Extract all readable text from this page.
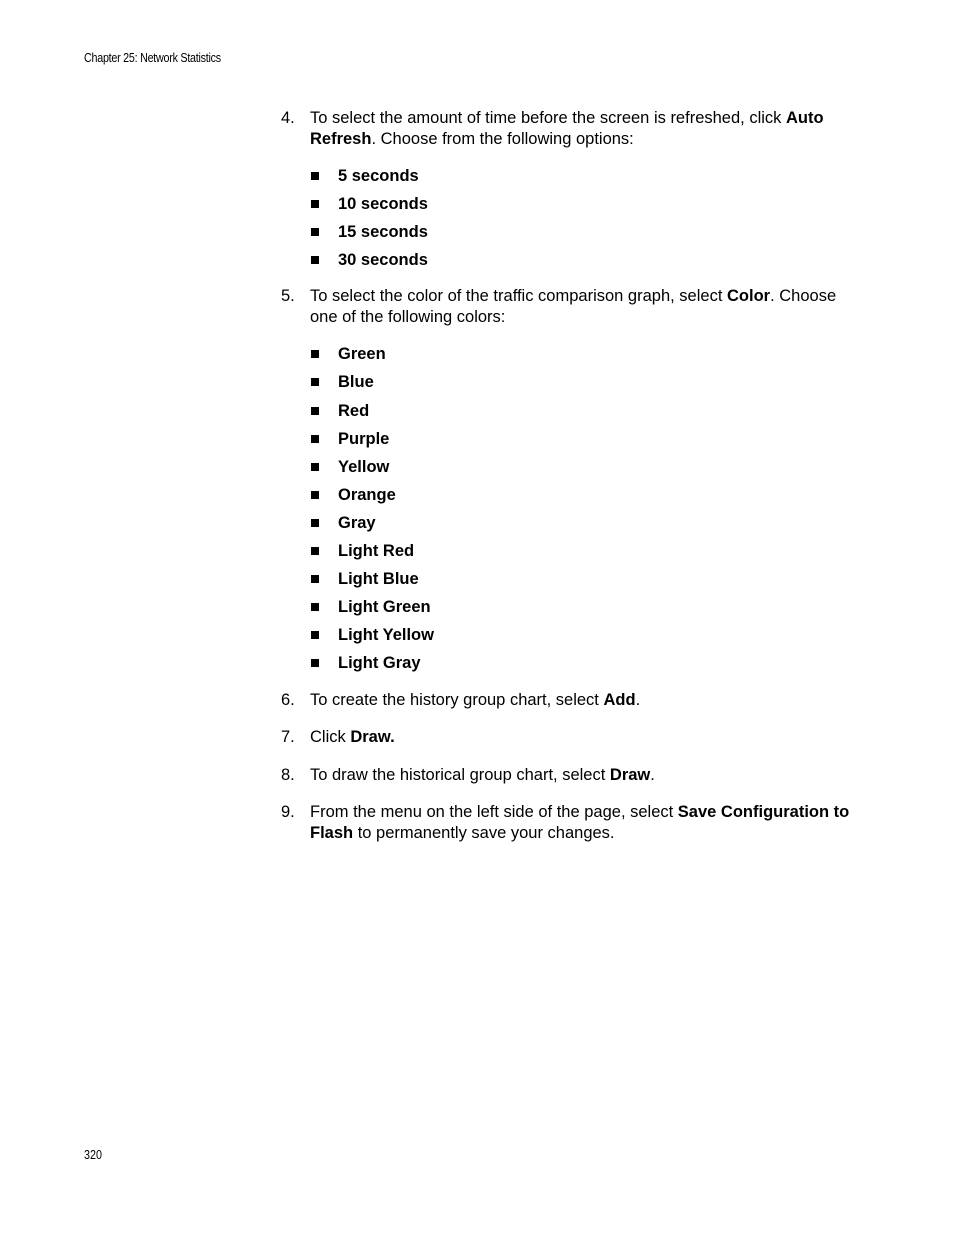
Chapter 25: Network Statistics
4. To select the amount of time before the screen is refreshed, click Auto Refresh. Choose from the following options:
5 seconds
10 seconds
15 seconds
30 seconds
5. To select the color of the traffic comparison graph, select Color. Choose one of the following colors:
Green
Blue
Red
Purple
Yellow
Orange
Gray
Light Red
Light Blue
Light Green
Light Yellow
Light Gray
6. To create the history group chart, select Add.
7. Click Draw.
8. To draw the historical group chart, select Draw.
9. From the menu on the left side of the page, select Save Configuration to Flash to permanently save your changes.
320
